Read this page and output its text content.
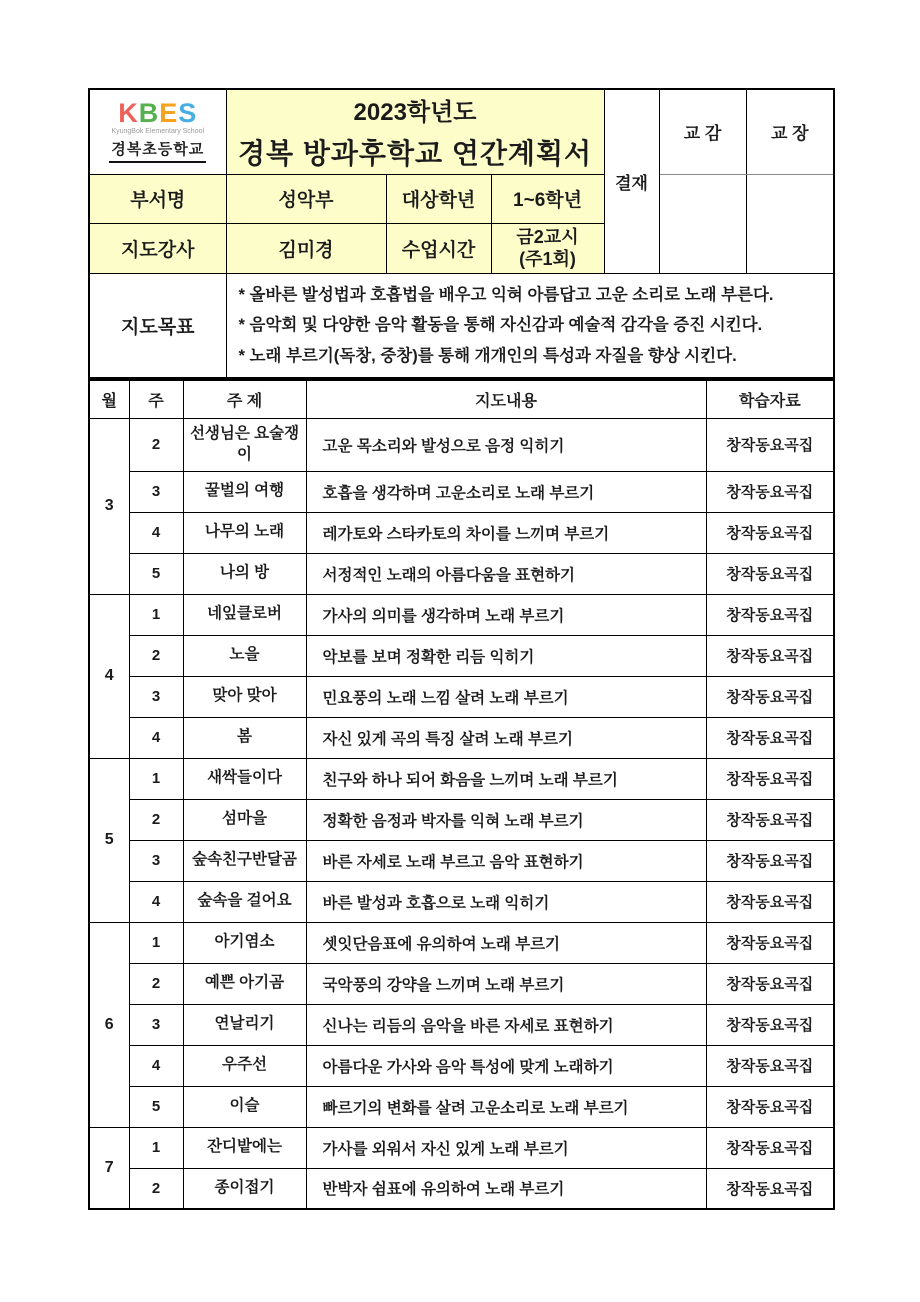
KBES
KyungBok Elementary School
경복초등학교

2023학년도
경복 방과후학교 연간계획서
	결재	교 감	교 장
부서명	성악부	대상학년	1~6학년			
지도강사	김미경	수업시간	금2교시
(주1회)			

지도목표	* 올바른 발성법과 호흡법을 배우고 익혀 아름답고 고운 소리로 노래 부른다.
* 음악회 및 다양한 음악 활동을 통해 자신감과 예술적 감각을 증진 시킨다.
* 노래 부르기(독창, 중창)를 통해 개개인의 특성과 자질을 향상 시킨다.					
월	주	주 제	지도내용	학습자료
3	2	선생님은 요술쟁이	고운 목소리와 발성으로 음정 익히기	창작동요곡집
	3	꿀벌의 여행	호흡을 생각하며 고운소리로 노래 부르기	창작동요곡집
	4	나무의 노래	레가토와 스타카토의 차이를 느끼며 부르기	창작동요곡집
	5	나의 방	서정적인 노래의 아름다움을 표현하기	창작동요곡집
4	1	네잎클로버	가사의 의미를 생각하며 노래 부르기	창작동요곡집
	2	노을	악보를 보며 정확한 리듬 익히기	창작동요곡집
	3	맞아 맞아	민요풍의 노래 느낌 살려 노래 부르기	창작동요곡집
	4	봄	자신 있게 곡의 특징 살려 노래 부르기	창작동요곡집
5	1	새싹들이다	친구와 하나 되어 화음을 느끼며 노래 부르기	창작동요곡집
	2	섬마을	정확한 음정과 박자를 익혀 노래 부르기	창작동요곡집
	3	숲속친구반달곰	바른 자세로 노래 부르고 음악 표현하기	창작동요곡집
	4	숲속을 걸어요	바른 발성과 호흡으로 노래 익히기	창작동요곡집
6	1	아기염소	셋잇단음표에 유의하여 노래 부르기	창작동요곡집
	2	예쁜 아기곰	국악풍의 강약을 느끼며 노래 부르기	창작동요곡집
	3	연날리기	신나는 리듬의 음악을 바른 자세로 표현하기	창작동요곡집
	4	우주선	아름다운 가사와 음악 특성에 맞게 노래하기	창작동요곡집
	5	이슬	빠르기의 변화를 살려 고운소리로 노래 부르기	창작동요곡집
7	1	잔디밭에는	가사를 외워서 자신 있게 노래 부르기	창작동요곡집
	2	종이접기	반박자 쉼표에 유의하여 노래 부르기	창작동요곡집
